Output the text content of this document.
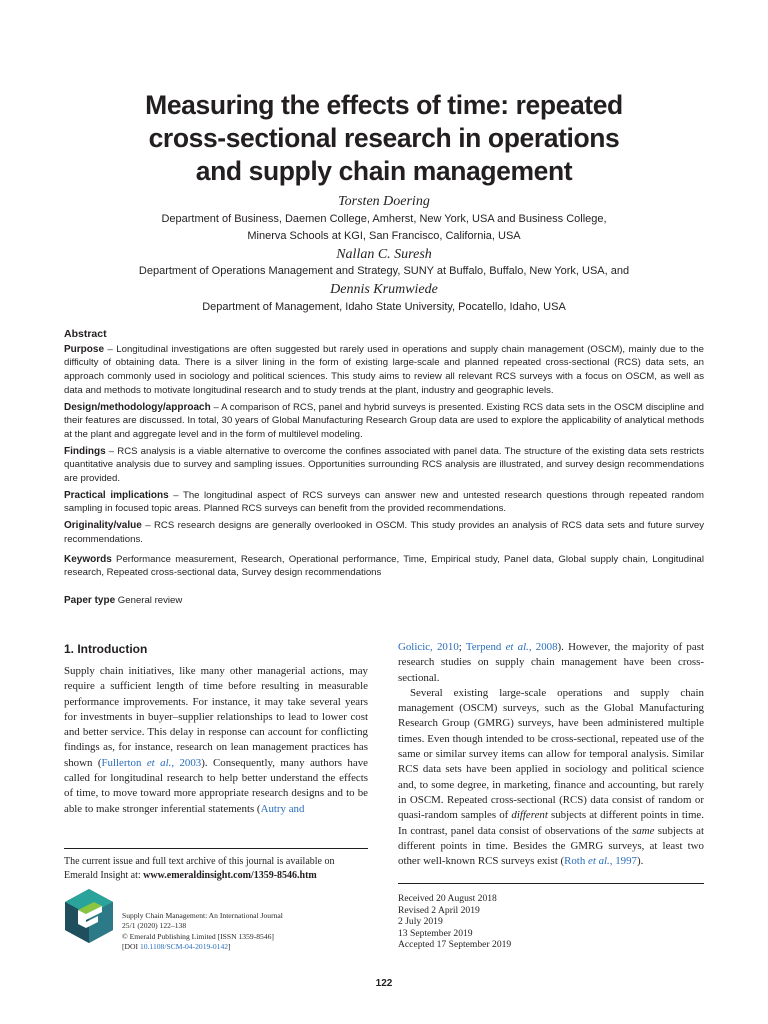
Measuring the effects of time: repeated
cross-sectional research in operations
and supply chain management
Torsten Doering
Department of Business, Daemen College, Amherst, New York, USA and Business College,
Minerva Schools at KGI, San Francisco, California, USA
Nallan C. Suresh
Department of Operations Management and Strategy, SUNY at Buffalo, Buffalo, New York, USA, and
Dennis Krumwiede
Department of Management, Idaho State University, Pocatello, Idaho, USA
Abstract

Purpose – Longitudinal investigations are often suggested but rarely used in operations and supply chain management (OSCM), mainly due to the difficulty of obtaining data. There is a silver lining in the form of existing large-scale and planned repeated cross-sectional (RCS) data sets, an approach commonly used in sociology and political sciences. This study aims to review all relevant RCS surveys with a focus on OSCM, as well as data and methods to motivate longitudinal research and to study trends at the plant, industry and geographic levels.

Design/methodology/approach – A comparison of RCS, panel and hybrid surveys is presented. Existing RCS data sets in the OSCM discipline and their features are discussed. In total, 30 years of Global Manufacturing Research Group data are used to explore the applicability of analytical methods at the plant and aggregate level and in the form of multilevel modeling.

Findings – RCS analysis is a viable alternative to overcome the confines associated with panel data. The structure of the existing data sets restricts quantitative analysis due to survey and sampling issues. Opportunities surrounding RCS analysis are illustrated, and survey design recommendations are provided.

Practical implications – The longitudinal aspect of RCS surveys can answer new and untested research questions through repeated random sampling in focused topic areas. Planned RCS surveys can benefit from the provided recommendations.

Originality/value – RCS research designs are generally overlooked in OSCM. This study provides an analysis of RCS data sets and future survey recommendations.

Keywords Performance measurement, Research, Operational performance, Time, Empirical study, Panel data, Global supply chain, Longitudinal research, Repeated cross-sectional data, Survey design recommendations

Paper type General review

1. Introduction

Supply chain initiatives, like many other managerial actions, may require a sufficient length of time before resulting in measurable performance improvements. For instance, it may take several years for investments in buyer–supplier relationships to lead to lower cost and better service. This delay in response can account for conflicting findings as, for instance, research on lean management practices has shown (Fullerton et al., 2003). Consequently, many authors have called for longitudinal research to help better understand the effects of time, to move toward more appropriate research designs and to be able to make stronger inferential statements (Autry and

Golicic, 2010; Terpend et al., 2008). However, the majority of past research studies on supply chain management have been cross-sectional.

Several existing large-scale operations and supply chain management (OSCM) surveys, such as the Global Manufacturing Research Group (GMRG) surveys, have been administered multiple times. Even though intended to be cross-sectional, repeated use of the same or similar survey items can allow for temporal analysis. Similar RCS data sets have been applied in sociology and political science and, to some degree, in marketing, finance and accounting, but rarely in OSCM. Repeated cross-sectional (RCS) data consist of random or quasi-random samples of different subjects at different points in time. In contrast, panel data consist of observations of the same subjects at different points in time. Besides the GMRG surveys, at least two other well-known RCS surveys exist (Roth et al., 1997).

The current issue and full text archive of this journal is available on Emerald Insight at: www.emeraldinsight.com/1359-8546.htm
Supply Chain Management: An International Journal
25/1 (2020) 122–138
© Emerald Publishing Limited [ISSN 1359-8546]
[DOI 10.1108/SCM-04-2019-0142]
Received 20 August 2018
Revised 2 April 2019
2 July 2019
13 September 2019
Accepted 17 September 2019
122
